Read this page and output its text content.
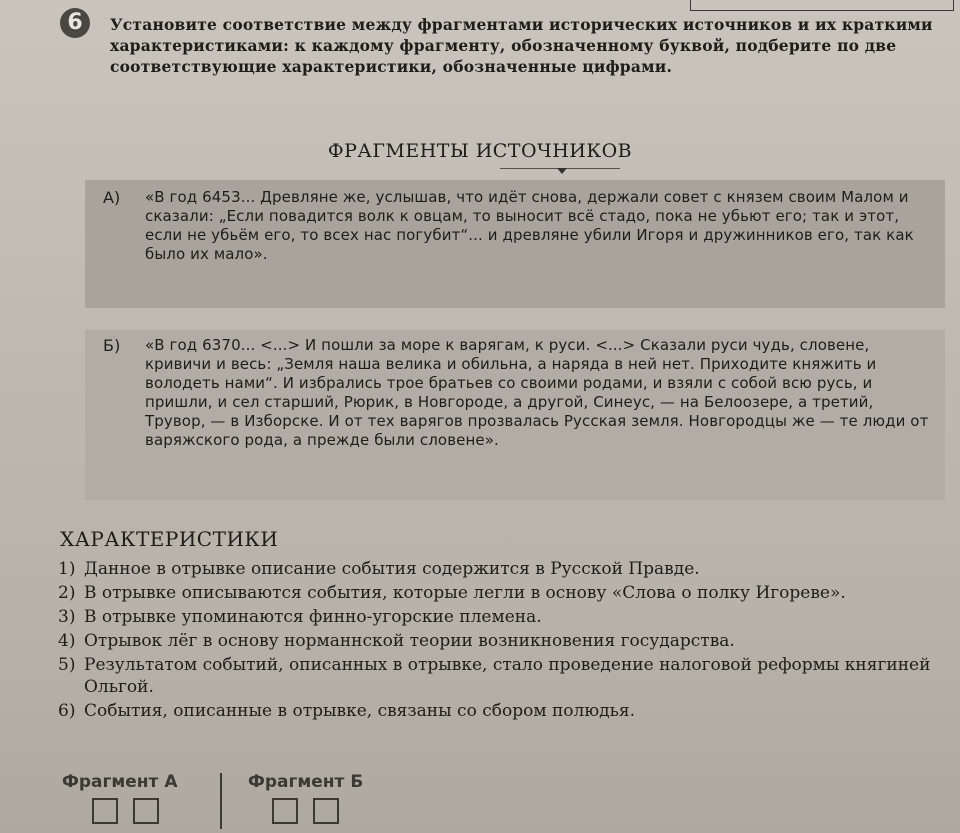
6	Установите соответствие между фрагментами исторических источников и их краткими характеристиками: к каждому фрагменту, обозначенному буквой, подберите по две соответствующие характеристики, обозначенные цифрами.
ФРАГМЕНТЫ ИСТОЧНИКОВ
А) «В год 6453... Древляне же, услышав, что идёт снова, держали совет с князем своим Малом и сказали: „Если повадится волк к овцам, то выносит всё стадо, пока не убьют его; так и этот, если не убьём его, то всех нас погубит“... и древляне убили Игоря и дружинников его, так как было их мало».
Б) «В год 6370... <...> И пошли за море к варягам, к руси. <...> Сказали руси чудь, словене, кривичи и весь: „Земля наша велика и обильна, а наряда в ней нет. Приходите княжить и володеть нами“. И избрались трое братьев со своими родами, и взяли с собой всю русь, и пришли, и сел старший, Рюрик, в Новгороде, а другой, Синеус, — на Белоозере, а третий, Трувор, — в Изборске. И от тех варягов прозвалась Русская земля. Новгородцы же — те люди от варяжского рода, а прежде были словене».
ХАРАКТЕРИСТИКИ
1) Данное в отрывке описание события содержится в Русской Правде.
2) В отрывке описываются события, которые легли в основу «Слова о полку Игореве».
3) В отрывке упоминаются финно-угорские племена.
4) Отрывок лёг в основу норманнской теории возникновения государства.
5) Результатом событий, описанных в отрывке, стало проведение налоговой реформы княгиней Ольгой.
6) События, описанные в отрывке, связаны со сбором полюдья.
Фрагмент А	Фрагмент Б
